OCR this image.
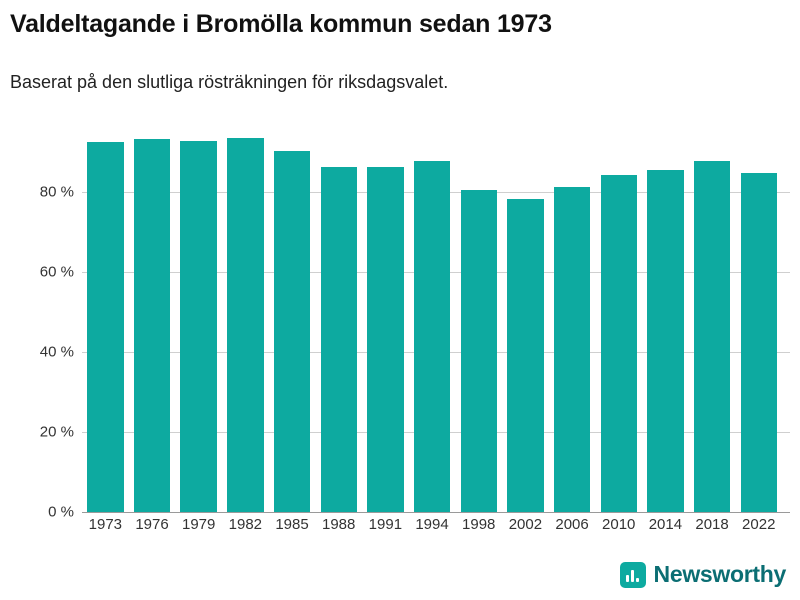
Valdeltagande i Bromölla kommun sedan 1973
Baserat på den slutliga rösträkningen för riksdagsvalet.
0 %
20 %
40 %
60 %
80 %
1973 1976 1979 1982 1985 1988 1991 1994 1998 2002 2006 2010 2014 2018 2022
Newsworthy
